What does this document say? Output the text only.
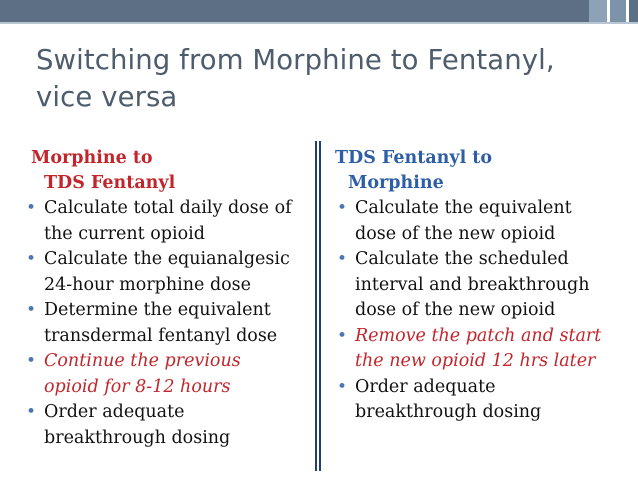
Switching from Morphine to Fentanyl,
vice versa
Morphine to
TDS Fentanyl
• Calculate total daily dose of
the current opioid
• Calculate the equianalgesic
24-hour morphine dose
• Determine the equivalent
transdermal fentanyl dose
• Continue the previous
opioid for 8-12 hours
• Order adequate
breakthrough dosing
TDS Fentanyl to
Morphine
• Calculate the equivalent
dose of the new opioid
• Calculate the scheduled
interval and breakthrough
dose of the new opioid
• Remove the patch and start
the new opioid 12 hrs later
• Order adequate
breakthrough dosing
